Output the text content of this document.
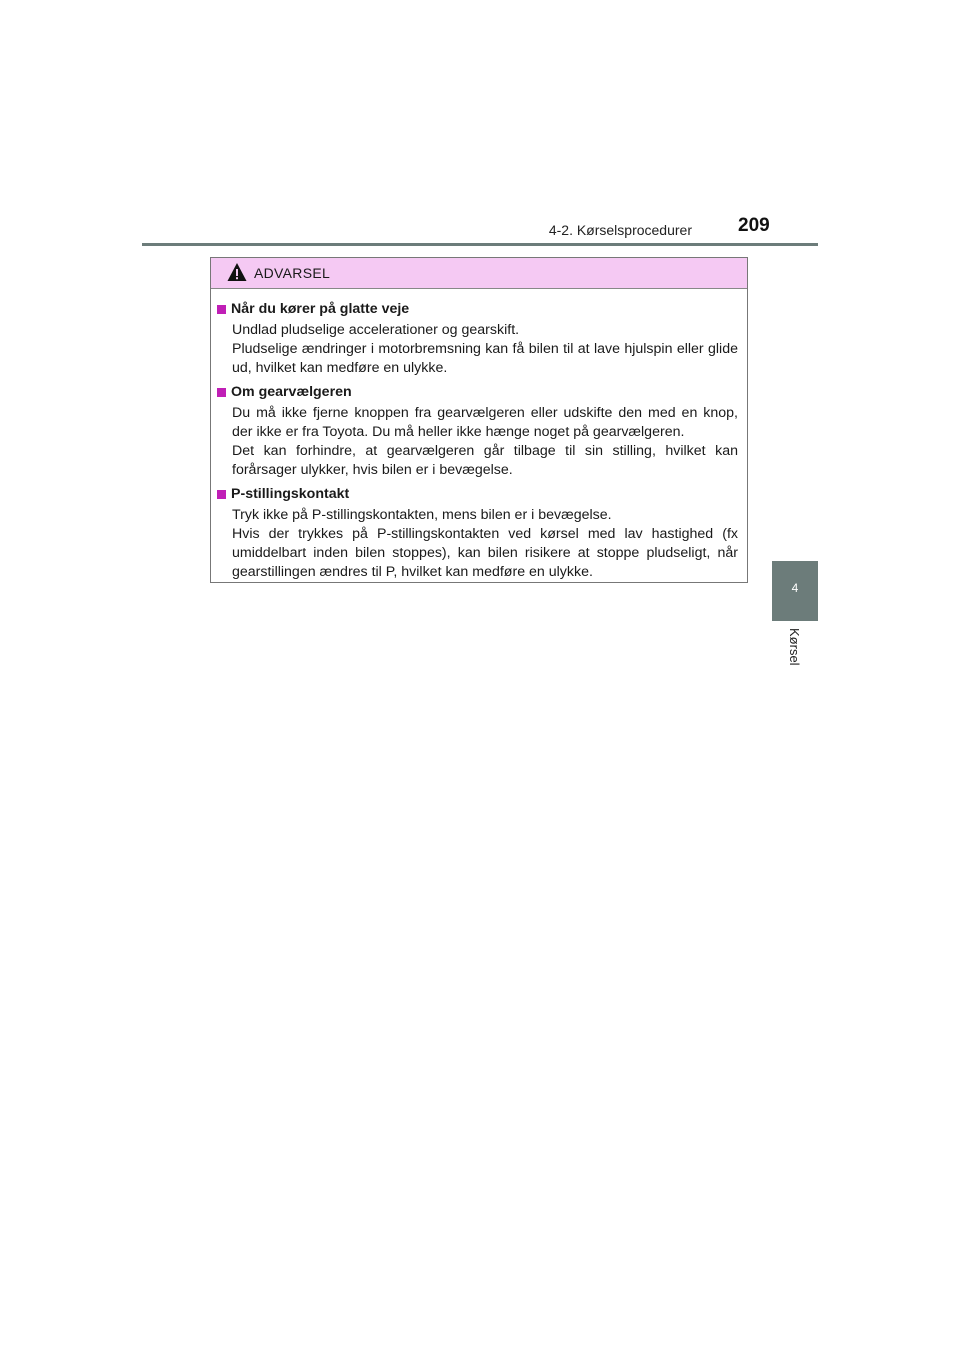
4-2. Kørselsprocedurer 209
4
Kørsel
ADVARSEL
Når du kører på glatte veje

Undlad pludselige accelerationer og gearskift.

Pludselige ændringer i motorbremsning kan få bilen til at lave hjulspin eller glide ud, hvilket kan medføre en ulykke.

Om gearvælgeren

Du må ikke fjerne knoppen fra gearvælgeren eller udskifte den med en knop, der ikke er fra Toyota. Du må heller ikke hænge noget på gearvælgeren.

Det kan forhindre, at gearvælgeren går tilbage til sin stilling, hvilket kan forårsager ulykker, hvis bilen er i bevægelse.

P-stillingskontakt

Tryk ikke på P-stillingskontakten, mens bilen er i bevægelse.

Hvis der trykkes på P-stillingskontakten ved kørsel med lav hastighed (fx umiddelbart inden bilen stoppes), kan bilen risikere at stoppe pludseligt, når gearstillingen ændres til P, hvilket kan medføre en ulykke.
